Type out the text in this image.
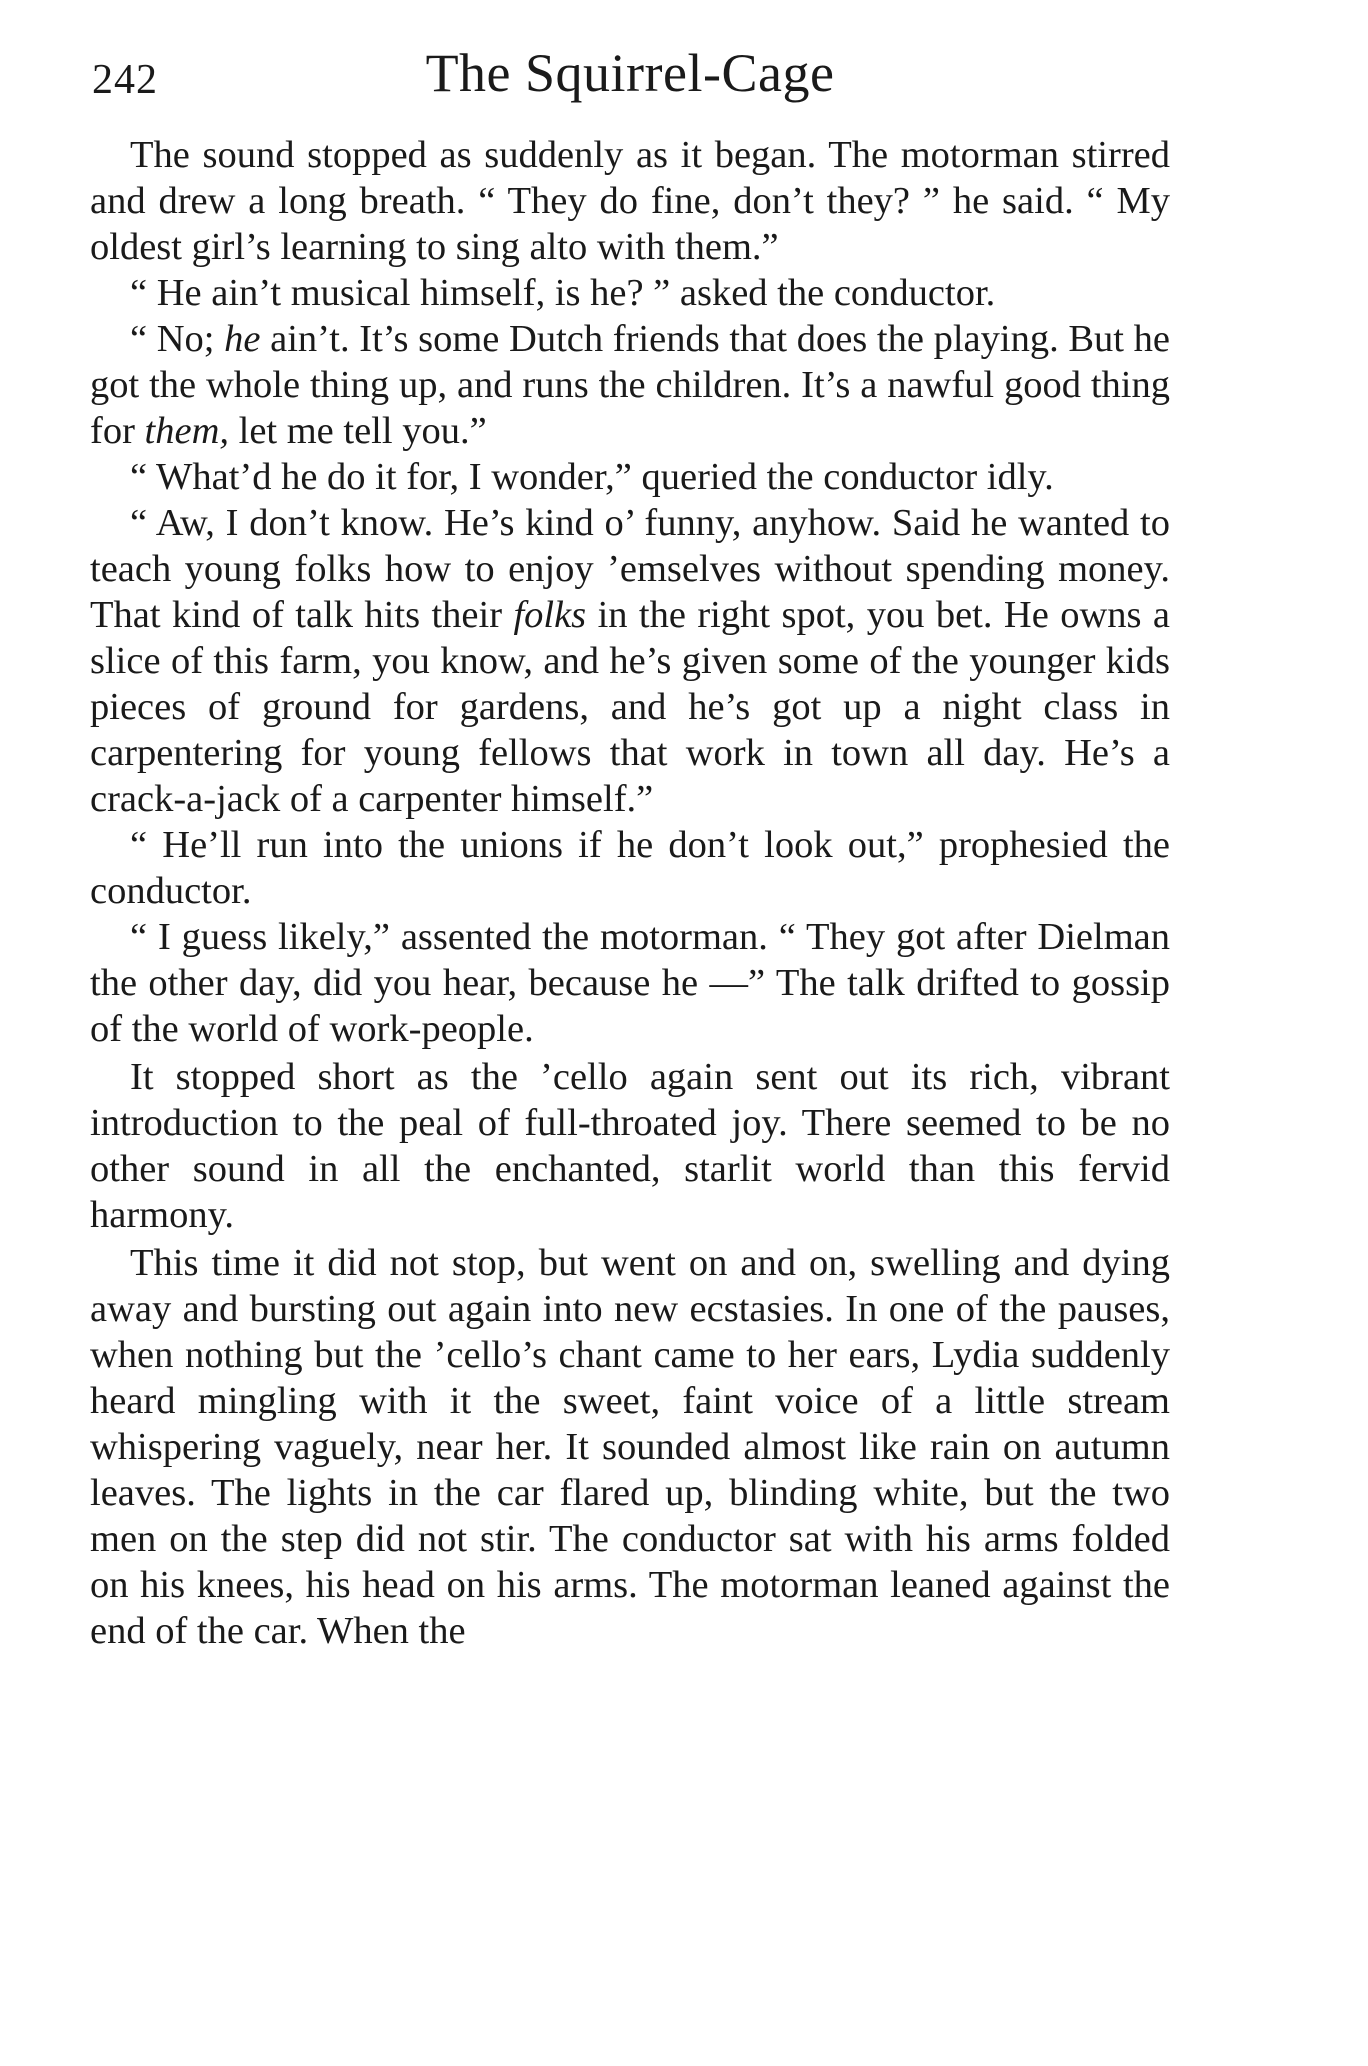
242	The Squirrel-Cage

The sound stopped as suddenly as it began. The motorman stirred and drew a long breath. “ They do fine, don’t they? ” he said. “ My oldest girl’s learning to sing alto with them.”

“ He ain’t musical himself, is he? ” asked the conductor.

“ No; he ain’t. It’s some Dutch friends that does the playing. But he got the whole thing up, and runs the children. It’s a nawful good thing for them, let me tell you.”

“ What’d he do it for, I wonder,” queried the conductor idly.

“ Aw, I don’t know. He’s kind o’ funny, anyhow. Said he wanted to teach young folks how to enjoy ’emselves without spending money. That kind of talk hits their folks in the right spot, you bet. He owns a slice of this farm, you know, and he’s given some of the younger kids pieces of ground for gardens, and he’s got up a night class in carpentering for young fellows that work in town all day. He’s a crack-a-jack of a carpenter himself.”

“ He’ll run into the unions if he don’t look out,” prophesied the conductor.

“ I guess likely,” assented the motorman. “ They got after Dielman the other day, did you hear, because he —” The talk drifted to gossip of the world of work-people.

It stopped short as the ’cello again sent out its rich, vibrant introduction to the peal of full-throated joy. There seemed to be no other sound in all the enchanted, starlit world than this fervid harmony.

This time it did not stop, but went on and on, swelling and dying away and bursting out again into new ecstasies. In one of the pauses, when nothing but the ’cello’s chant came to her ears, Lydia suddenly heard mingling with it the sweet, faint voice of a little stream whispering vaguely, near her. It sounded almost like rain on autumn leaves. The lights in the car flared up, blinding white, but the two men on the step did not stir. The conductor sat with his arms folded on his knees, his head on his arms. The motorman leaned against the end of the car. When the
